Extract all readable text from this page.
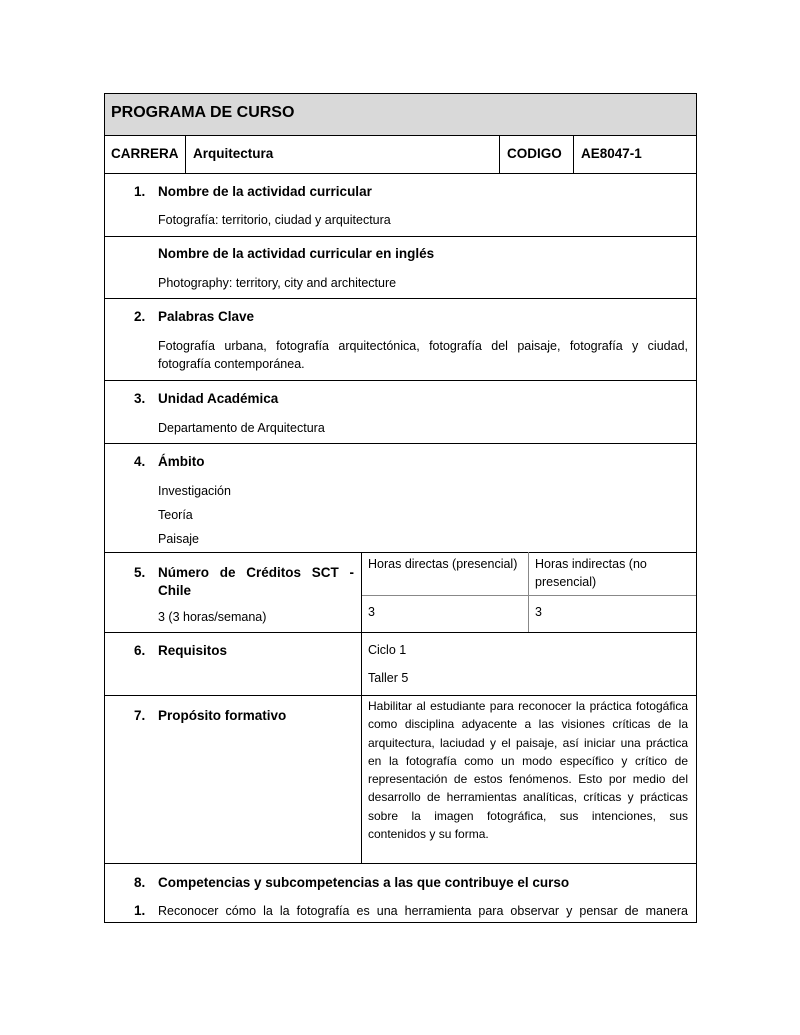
PROGRAMA DE CURSO
CARRERA Arquitectura	CODIGO AE8047-1
1. Nombre de la actividad curricular
Fotografía: territorio, ciudad y arquitectura
Nombre de la actividad curricular en inglés
Photography: territory, city and architecture
2. Palabras Clave
Fotografía urbana, fotografía arquitectónica, fotografía del paisaje, fotografía y ciudad, fotografía contemporánea.
3. Unidad Académica
Departamento de Arquitectura
4. Ámbito
Investigación
Teoría
Paisaje
5. Número de Créditos SCT - Chile
3 (3 horas/semana)
Horas directas (presencial)	Horas indirectas (no presencial)
3	3
6. Requisitos	Ciclo 1
Taller 5
7. Propósito formativo
Habilitar al estudiante para reconocer la práctica fotogáfica como disciplina adyacente a las visiones críticas de la arquitectura, laciudad y el paisaje, así iniciar una práctica en la fotografía como un modo específico y crítico de representación de estos fenómenos. Esto por medio del desarrollo de herramientas analíticas, críticas y prácticas sobre la imagen fotográfica, sus intenciones, sus contenidos y su forma.
8. Competencias y subcompetencias a las que contribuye el curso
1. Reconocer cómo la la fotografía es una herramienta para observar y pensar de manera
